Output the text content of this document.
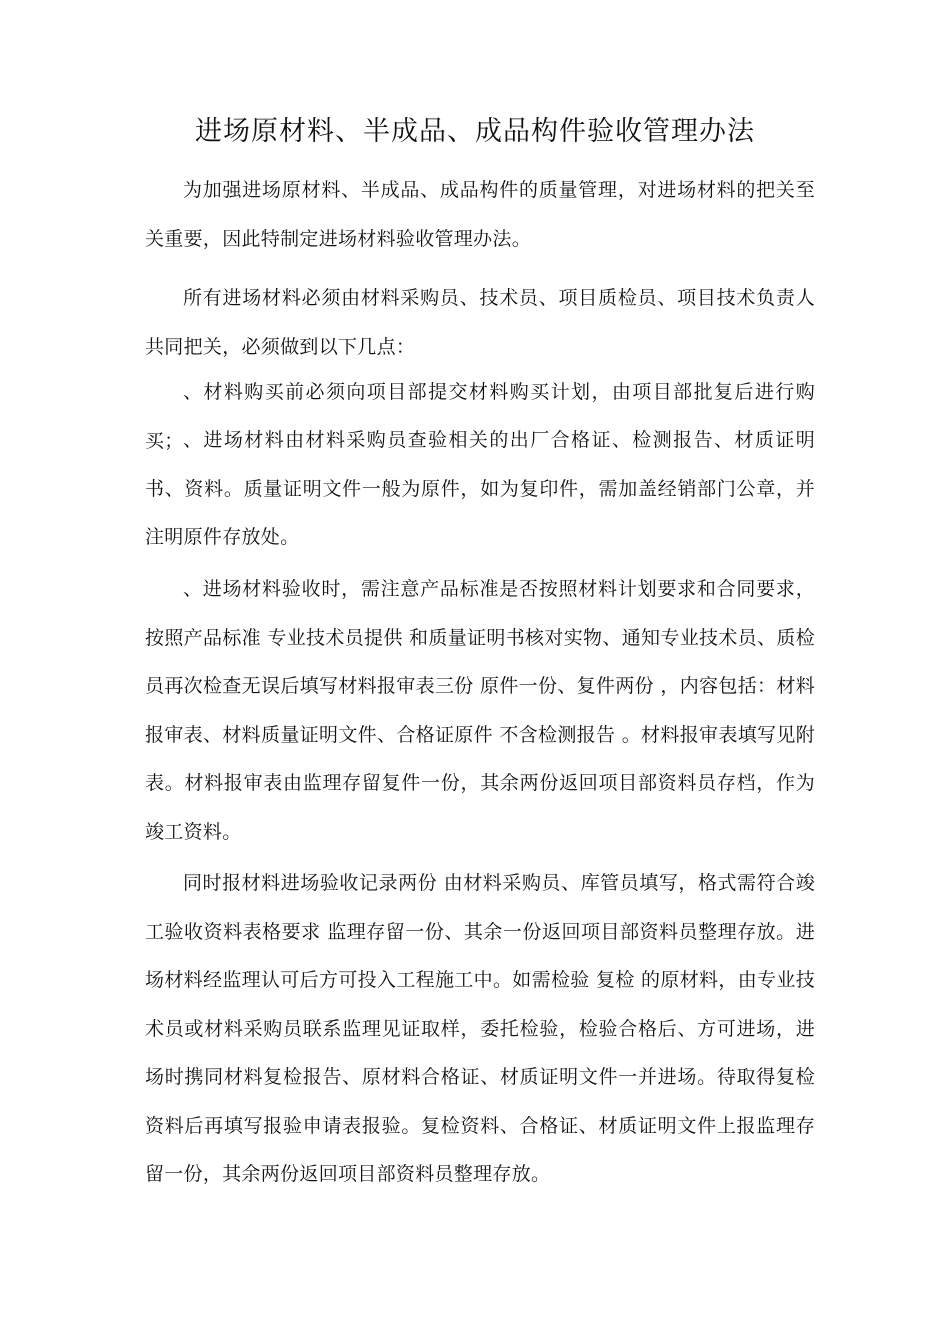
进场原材料、半成品、成品构件验收管理办法

为加强进场原材料、半成品、成品构件的质量管理，对进场材料的把关至关重要，因此特制定进场材料验收管理办法。

所有进场材料必须由材料采购员、技术员、项目质检员、项目技术负责人共同把关，必须做到以下几点：

、材料购买前必须向项目部提交材料购买计划，由项目部批复后进行购买； 、进场材料由材料采购员查验相关的出厂合格证、检测报告、材质证明书、资料。质量证明文件一般为原件，如为复印件，需加盖经销部门公章，并注明原件存放处。

、进场材料验收时，需注意产品标准是否按照材料计划要求和合同要求，按照产品标准 专业技术员提供 和质量证明书核对实物、通知专业技术员、质检员再次检查无误后填写材料报审表三份 原件一份、复件两份 ，内容包括：材料报审表、材料质量证明文件、合格证原件 不含检测报告 。材料报审表填写见附表。材料报审表由监理存留复件一份，其余两份返回项目部资料员存档，作为竣工资料。

同时报材料进场验收记录两份 由材料采购员、库管员填写，格式需符合竣工验收资料表格要求 监理存留一份、其余一份返回项目部资料员整理存放。进场材料经监理认可后方可投入工程施工中。如需检验 复检 的原材料，由专业技术员或材料采购员联系监理见证取样，委托检验，检验合格后、方可进场，进场时携同材料复检报告、原材料合格证、材质证明文件一并进场。待取得复检资料后再填写报验申请表报验。复检资料、合格证、材质证明文件上报监理存留一份，其余两份返回项目部资料员整理存放。
